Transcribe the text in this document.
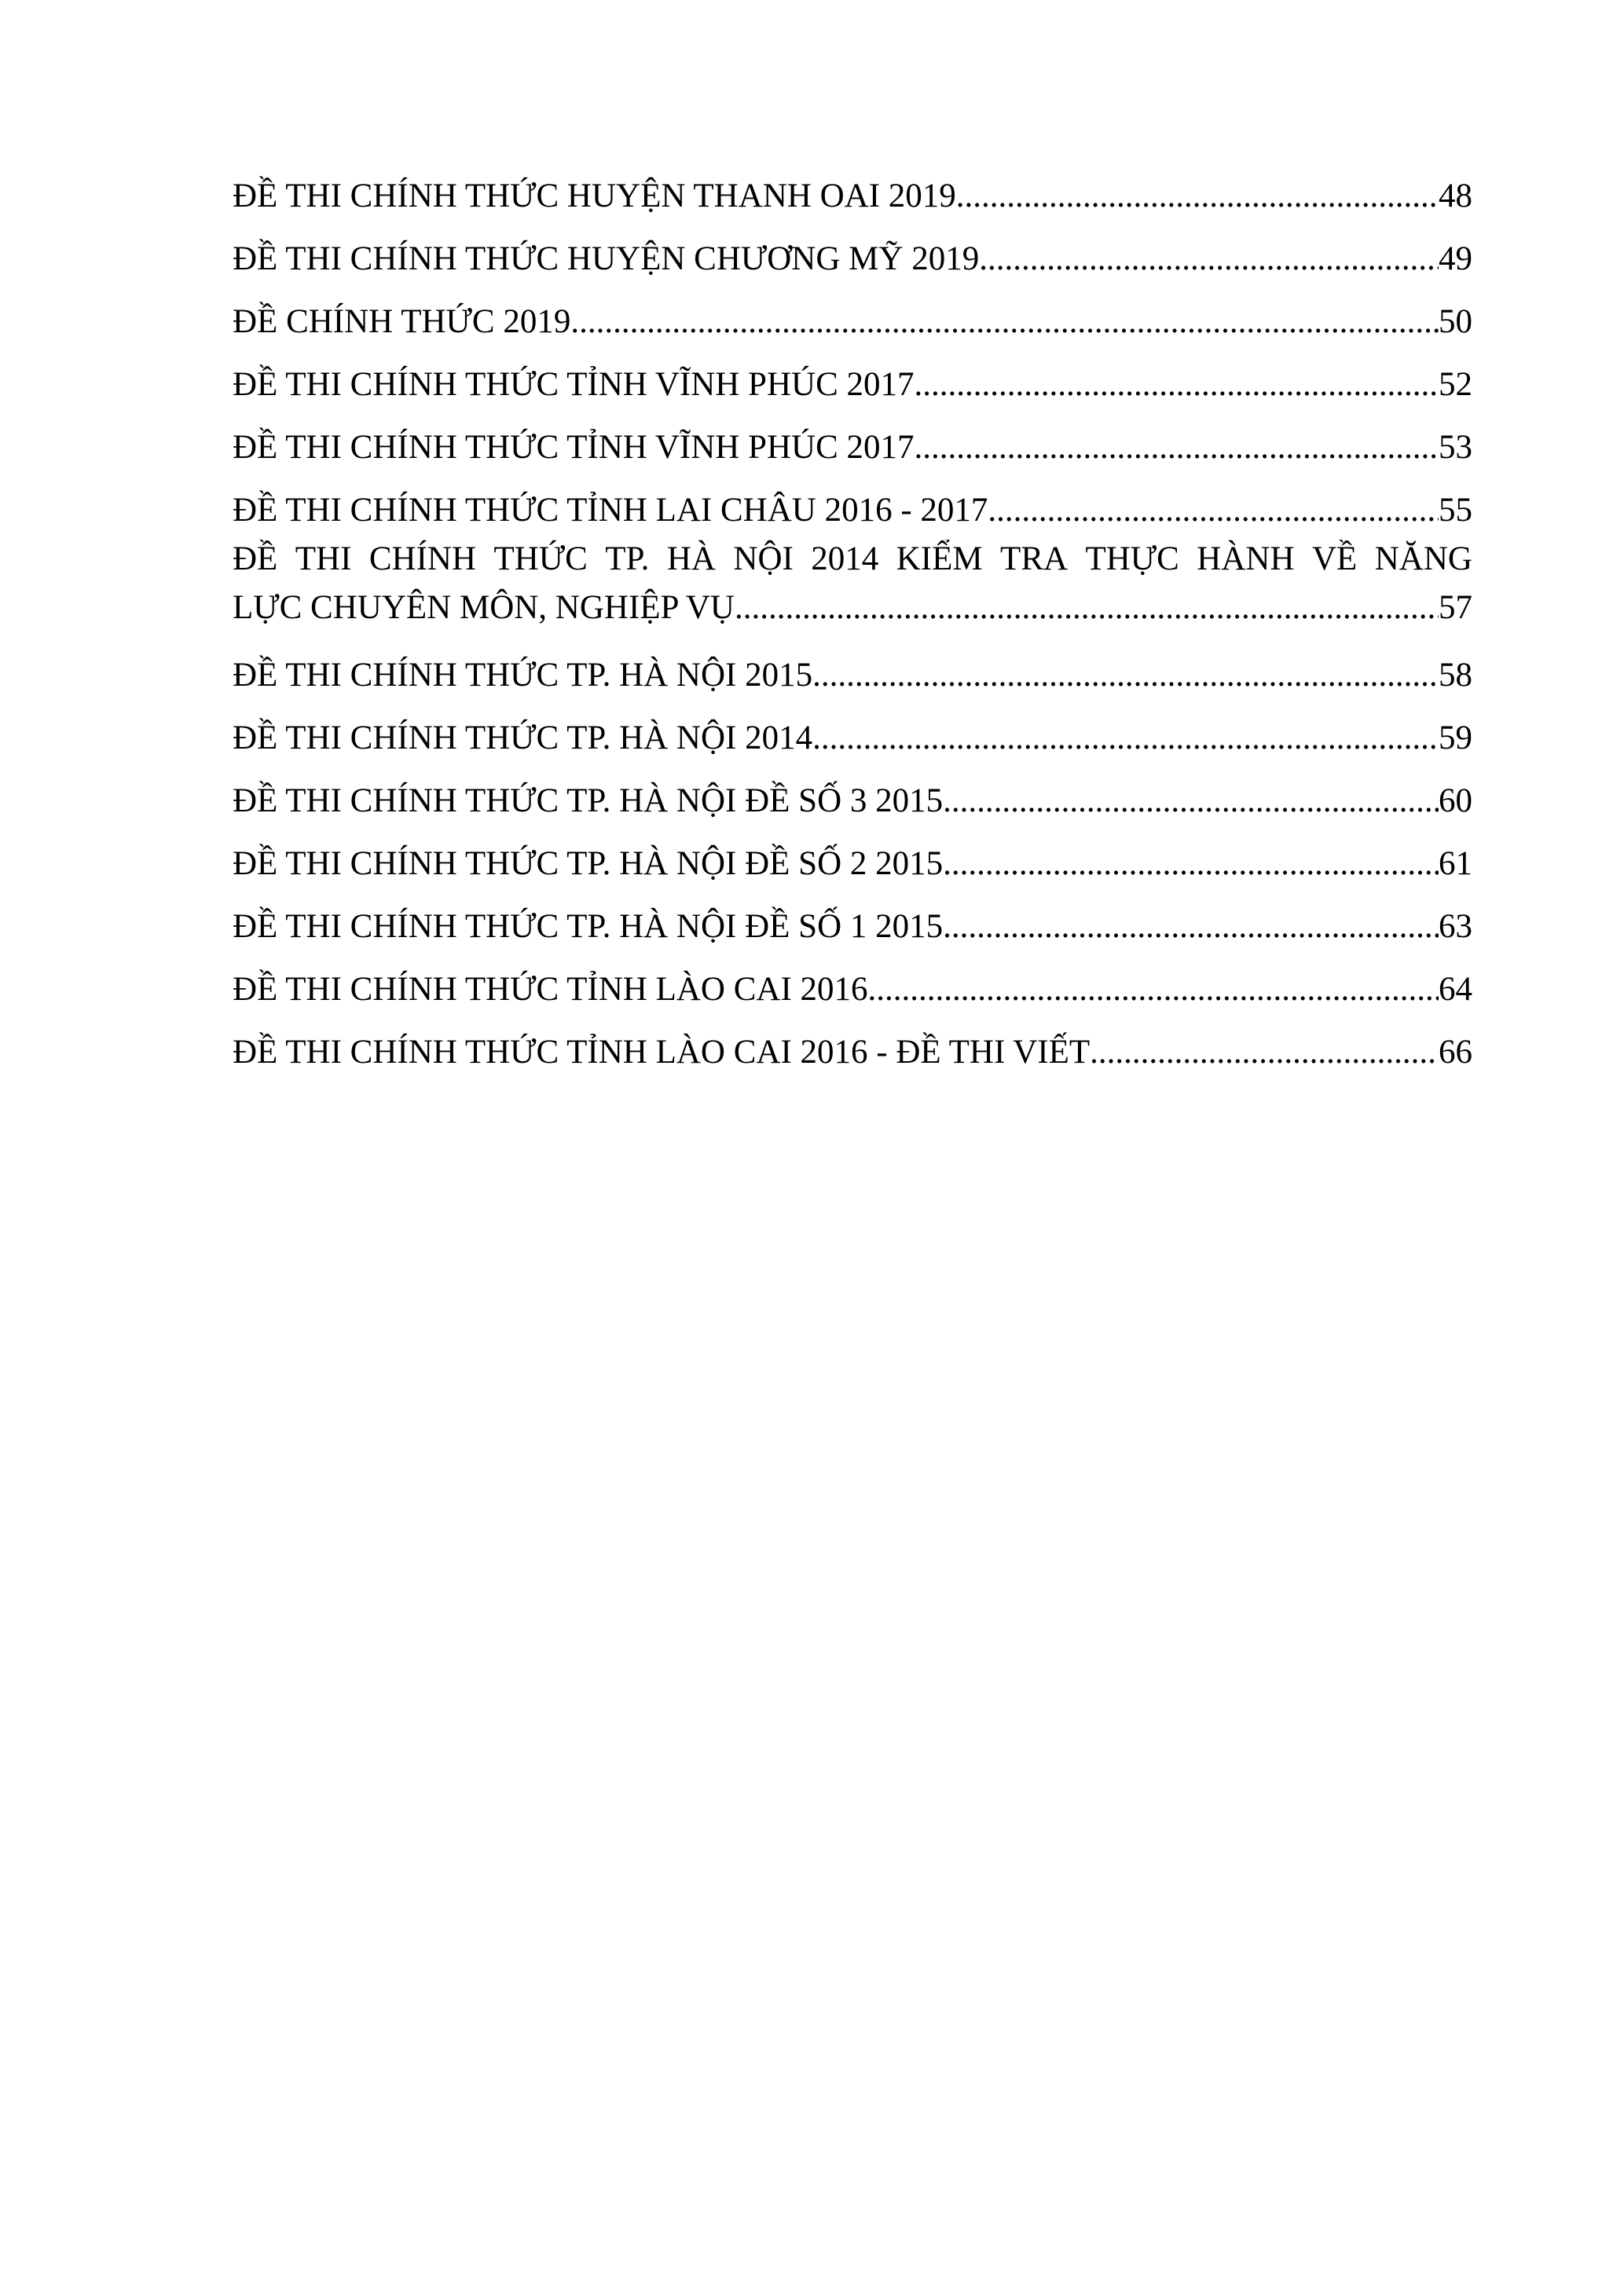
ĐỀ THI CHÍNH THỨC HUYỆN THANH OAI 2019 .....	48
ĐỀ THI CHÍNH THỨC HUYỆN CHƯƠNG MỸ 2019 .....	49
ĐỀ CHÍNH THỨC 2019 .....	50
ĐỀ THI CHÍNH THỨC TỈNH VĨNH PHÚC 2017 .....	52
ĐỀ THI CHÍNH THỨC TỈNH VĨNH PHÚC 2017 .....	53
ĐỀ THI CHÍNH THỨC TỈNH LAI CHÂU 2016 - 2017 .....	55
ĐỀ THI CHÍNH THỨC TP. HÀ NỘI 2014 KIỂM TRA THỰC HÀNH VỀ NĂNG
LỰC CHUYÊN MÔN, NGHIỆP VỤ .....	57
ĐỀ THI CHÍNH THỨC TP. HÀ NỘI 2015 .....	58
ĐỀ THI CHÍNH THỨC TP. HÀ NỘI 2014 .....	59
ĐỀ THI CHÍNH THỨC TP. HÀ NỘI ĐỀ SỐ 3 2015 .....	60
ĐỀ THI CHÍNH THỨC TP. HÀ NỘI ĐỀ SỐ 2 2015 .....	61
ĐỀ THI CHÍNH THỨC TP. HÀ NỘI ĐỀ SỐ 1 2015 .....	63
ĐỀ THI CHÍNH THỨC TỈNH LÀO CAI 2016 .....	64
ĐỀ THI CHÍNH THỨC TỈNH LÀO CAI 2016 - ĐỀ THI VIẾT .....	66
